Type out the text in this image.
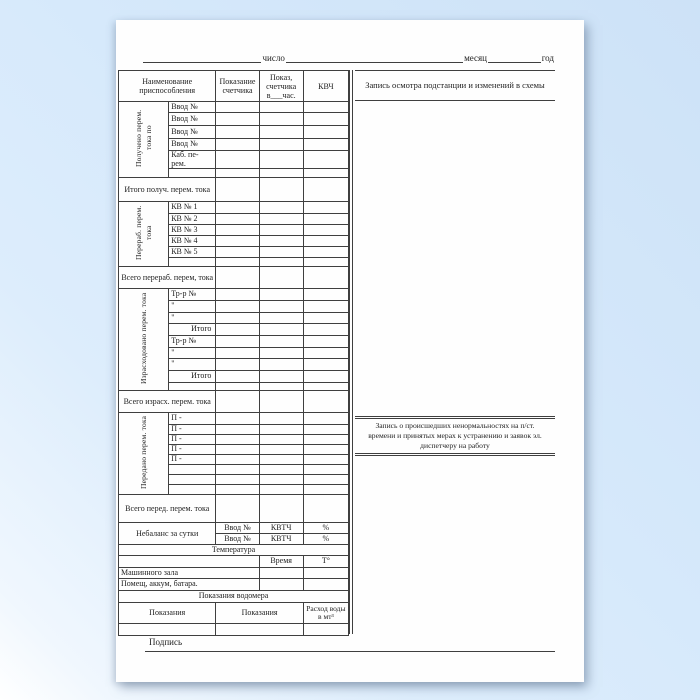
число	месяц	год
Наименование приспособления		Показание счетчика	Показ, счетчика в___час.	КВЧ
Получено перем. тока по	Ввод №			
	Ввод №			
	Ввод №			
	Ввод №			
	Каб. пе- рем.			

Итого получ. перем. тока				
Перераб. перем. тока	КВ № 1			
	КВ № 2			
	КВ № 3			
	КВ № 4			
	КВ № 5			

Всего перераб. перем, тока				
Израсходовано перем. тока	Тр-р №			
	"			
	"			
	Итого			
	Тр-р №			
	"			
	"			
	Итого			

Всего израсх. перем. тока				
Передано перем. тока	П -			
	П -			
	П -			
	П -			
	П -			

Всего перед. перем. тока				
Небаланс за сутки		Ввод №	КВТЧ	%
		Ввод №	КВТЧ	%
Температура				
			Время	Т°
Машинного зала				
Помещ, аккум, батара.				
Показания водомера				
Показания		Показания		Расход воды в мт³

Запись осмотра подстанции и изменений в схемы
Запись о происшедших ненормальностях на п/ст. времени и принятых мерах к устранению и заявок эл. диспетчеру на работу
Подпись
